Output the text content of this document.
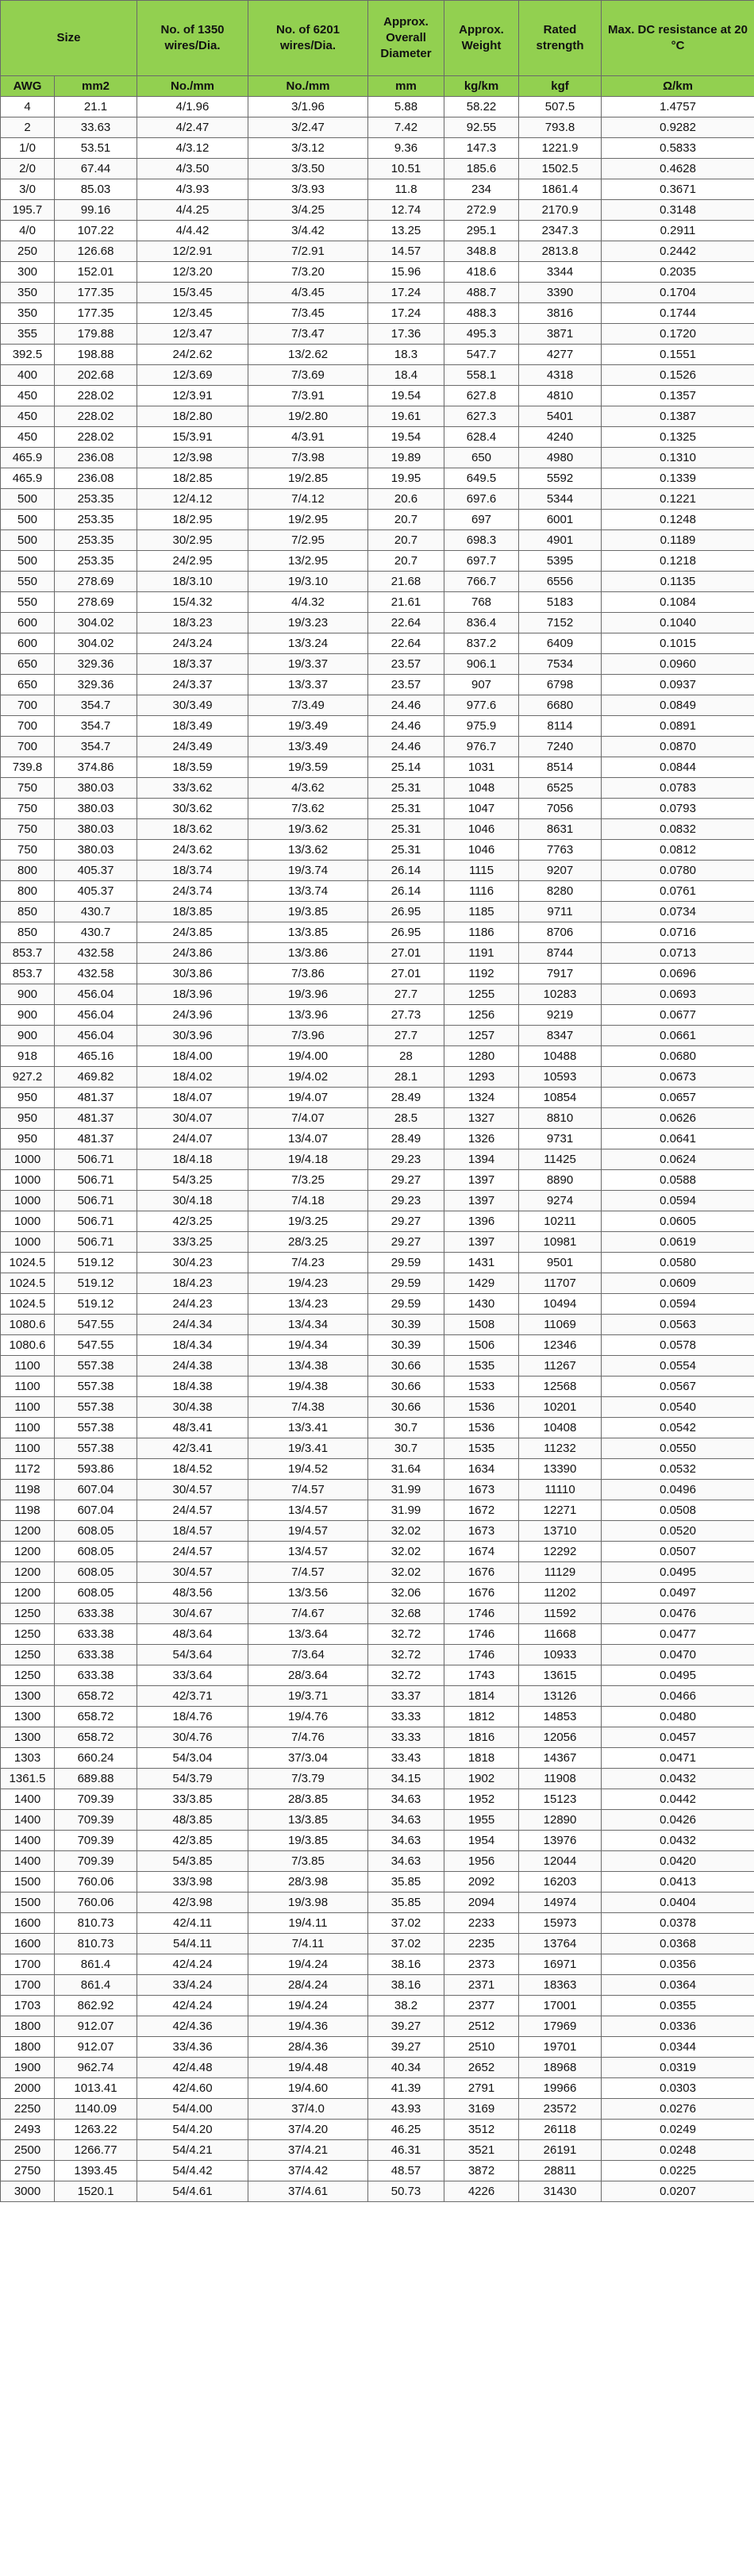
Size		No. of 1350 wires/Dia.	No. of 6201 wires/Dia.	Approx. Overall Diameter	Approx. Weight	Rated strength	Max. DC resistance at 20 °C
AWG	mm2	No./mm	No./mm	mm	kg/km	kgf	Ω/km
4	21.1	4/1.96	3/1.96	5.88	58.22	507.5	1.4757
2	33.63	4/2.47	3/2.47	7.42	92.55	793.8	0.9282
1/0	53.51	4/3.12	3/3.12	9.36	147.3	1221.9	0.5833
2/0	67.44	4/3.50	3/3.50	10.51	185.6	1502.5	0.4628
3/0	85.03	4/3.93	3/3.93	11.8	234	1861.4	0.3671
195.7	99.16	4/4.25	3/4.25	12.74	272.9	2170.9	0.3148
4/0	107.22	4/4.42	3/4.42	13.25	295.1	2347.3	0.2911
250	126.68	12/2.91	7/2.91	14.57	348.8	2813.8	0.2442
300	152.01	12/3.20	7/3.20	15.96	418.6	3344	0.2035
350	177.35	15/3.45	4/3.45	17.24	488.7	3390	0.1704
350	177.35	12/3.45	7/3.45	17.24	488.3	3816	0.1744
355	179.88	12/3.47	7/3.47	17.36	495.3	3871	0.1720
392.5	198.88	24/2.62	13/2.62	18.3	547.7	4277	0.1551
400	202.68	12/3.69	7/3.69	18.4	558.1	4318	0.1526
450	228.02	12/3.91	7/3.91	19.54	627.8	4810	0.1357
450	228.02	18/2.80	19/2.80	19.61	627.3	5401	0.1387
450	228.02	15/3.91	4/3.91	19.54	628.4	4240	0.1325
465.9	236.08	12/3.98	7/3.98	19.89	650	4980	0.1310
465.9	236.08	18/2.85	19/2.85	19.95	649.5	5592	0.1339
500	253.35	12/4.12	7/4.12	20.6	697.6	5344	0.1221
500	253.35	18/2.95	19/2.95	20.7	697	6001	0.1248
500	253.35	30/2.95	7/2.95	20.7	698.3	4901	0.1189
500	253.35	24/2.95	13/2.95	20.7	697.7	5395	0.1218
550	278.69	18/3.10	19/3.10	21.68	766.7	6556	0.1135
550	278.69	15/4.32	4/4.32	21.61	768	5183	0.1084
600	304.02	18/3.23	19/3.23	22.64	836.4	7152	0.1040
600	304.02	24/3.24	13/3.24	22.64	837.2	6409	0.1015
650	329.36	18/3.37	19/3.37	23.57	906.1	7534	0.0960
650	329.36	24/3.37	13/3.37	23.57	907	6798	0.0937
700	354.7	30/3.49	7/3.49	24.46	977.6	6680	0.0849
700	354.7	18/3.49	19/3.49	24.46	975.9	8114	0.0891
700	354.7	24/3.49	13/3.49	24.46	976.7	7240	0.0870
739.8	374.86	18/3.59	19/3.59	25.14	1031	8514	0.0844
750	380.03	33/3.62	4/3.62	25.31	1048	6525	0.0783
750	380.03	30/3.62	7/3.62	25.31	1047	7056	0.0793
750	380.03	18/3.62	19/3.62	25.31	1046	8631	0.0832
750	380.03	24/3.62	13/3.62	25.31	1046	7763	0.0812
800	405.37	18/3.74	19/3.74	26.14	1115	9207	0.0780
800	405.37	24/3.74	13/3.74	26.14	1116	8280	0.0761
850	430.7	18/3.85	19/3.85	26.95	1185	9711	0.0734
850	430.7	24/3.85	13/3.85	26.95	1186	8706	0.0716
853.7	432.58	24/3.86	13/3.86	27.01	1191	8744	0.0713
853.7	432.58	30/3.86	7/3.86	27.01	1192	7917	0.0696
900	456.04	18/3.96	19/3.96	27.7	1255	10283	0.0693
900	456.04	24/3.96	13/3.96	27.73	1256	9219	0.0677
900	456.04	30/3.96	7/3.96	27.7	1257	8347	0.0661
918	465.16	18/4.00	19/4.00	28	1280	10488	0.0680
927.2	469.82	18/4.02	19/4.02	28.1	1293	10593	0.0673
950	481.37	18/4.07	19/4.07	28.49	1324	10854	0.0657
950	481.37	30/4.07	7/4.07	28.5	1327	8810	0.0626
950	481.37	24/4.07	13/4.07	28.49	1326	9731	0.0641
1000	506.71	18/4.18	19/4.18	29.23	1394	11425	0.0624
1000	506.71	54/3.25	7/3.25	29.27	1397	8890	0.0588
1000	506.71	30/4.18	7/4.18	29.23	1397	9274	0.0594
1000	506.71	42/3.25	19/3.25	29.27	1396	10211	0.0605
1000	506.71	33/3.25	28/3.25	29.27	1397	10981	0.0619
1024.5	519.12	30/4.23	7/4.23	29.59	1431	9501	0.0580
1024.5	519.12	18/4.23	19/4.23	29.59	1429	11707	0.0609
1024.5	519.12	24/4.23	13/4.23	29.59	1430	10494	0.0594
1080.6	547.55	24/4.34	13/4.34	30.39	1508	11069	0.0563
1080.6	547.55	18/4.34	19/4.34	30.39	1506	12346	0.0578
1100	557.38	24/4.38	13/4.38	30.66	1535	11267	0.0554
1100	557.38	18/4.38	19/4.38	30.66	1533	12568	0.0567
1100	557.38	30/4.38	7/4.38	30.66	1536	10201	0.0540
1100	557.38	48/3.41	13/3.41	30.7	1536	10408	0.0542
1100	557.38	42/3.41	19/3.41	30.7	1535	11232	0.0550
1172	593.86	18/4.52	19/4.52	31.64	1634	13390	0.0532
1198	607.04	30/4.57	7/4.57	31.99	1673	11110	0.0496
1198	607.04	24/4.57	13/4.57	31.99	1672	12271	0.0508
1200	608.05	18/4.57	19/4.57	32.02	1673	13710	0.0520
1200	608.05	24/4.57	13/4.57	32.02	1674	12292	0.0507
1200	608.05	30/4.57	7/4.57	32.02	1676	11129	0.0495
1200	608.05	48/3.56	13/3.56	32.06	1676	11202	0.0497
1250	633.38	30/4.67	7/4.67	32.68	1746	11592	0.0476
1250	633.38	48/3.64	13/3.64	32.72	1746	11668	0.0477
1250	633.38	54/3.64	7/3.64	32.72	1746	10933	0.0470
1250	633.38	33/3.64	28/3.64	32.72	1743	13615	0.0495
1300	658.72	42/3.71	19/3.71	33.37	1814	13126	0.0466
1300	658.72	18/4.76	19/4.76	33.33	1812	14853	0.0480
1300	658.72	30/4.76	7/4.76	33.33	1816	12056	0.0457
1303	660.24	54/3.04	37/3.04	33.43	1818	14367	0.0471
1361.5	689.88	54/3.79	7/3.79	34.15	1902	11908	0.0432
1400	709.39	33/3.85	28/3.85	34.63	1952	15123	0.0442
1400	709.39	48/3.85	13/3.85	34.63	1955	12890	0.0426
1400	709.39	42/3.85	19/3.85	34.63	1954	13976	0.0432
1400	709.39	54/3.85	7/3.85	34.63	1956	12044	0.0420
1500	760.06	33/3.98	28/3.98	35.85	2092	16203	0.0413
1500	760.06	42/3.98	19/3.98	35.85	2094	14974	0.0404
1600	810.73	42/4.11	19/4.11	37.02	2233	15973	0.0378
1600	810.73	54/4.11	7/4.11	37.02	2235	13764	0.0368
1700	861.4	42/4.24	19/4.24	38.16	2373	16971	0.0356
1700	861.4	33/4.24	28/4.24	38.16	2371	18363	0.0364
1703	862.92	42/4.24	19/4.24	38.2	2377	17001	0.0355
1800	912.07	42/4.36	19/4.36	39.27	2512	17969	0.0336
1800	912.07	33/4.36	28/4.36	39.27	2510	19701	0.0344
1900	962.74	42/4.48	19/4.48	40.34	2652	18968	0.0319
2000	1013.41	42/4.60	19/4.60	41.39	2791	19966	0.0303
2250	1140.09	54/4.00	37/4.0	43.93	3169	23572	0.0276
2493	1263.22	54/4.20	37/4.20	46.25	3512	26118	0.0249
2500	1266.77	54/4.21	37/4.21	46.31	3521	26191	0.0248
2750	1393.45	54/4.42	37/4.42	48.57	3872	28811	0.0225
3000	1520.1	54/4.61	37/4.61	50.73	4226	31430	0.0207
